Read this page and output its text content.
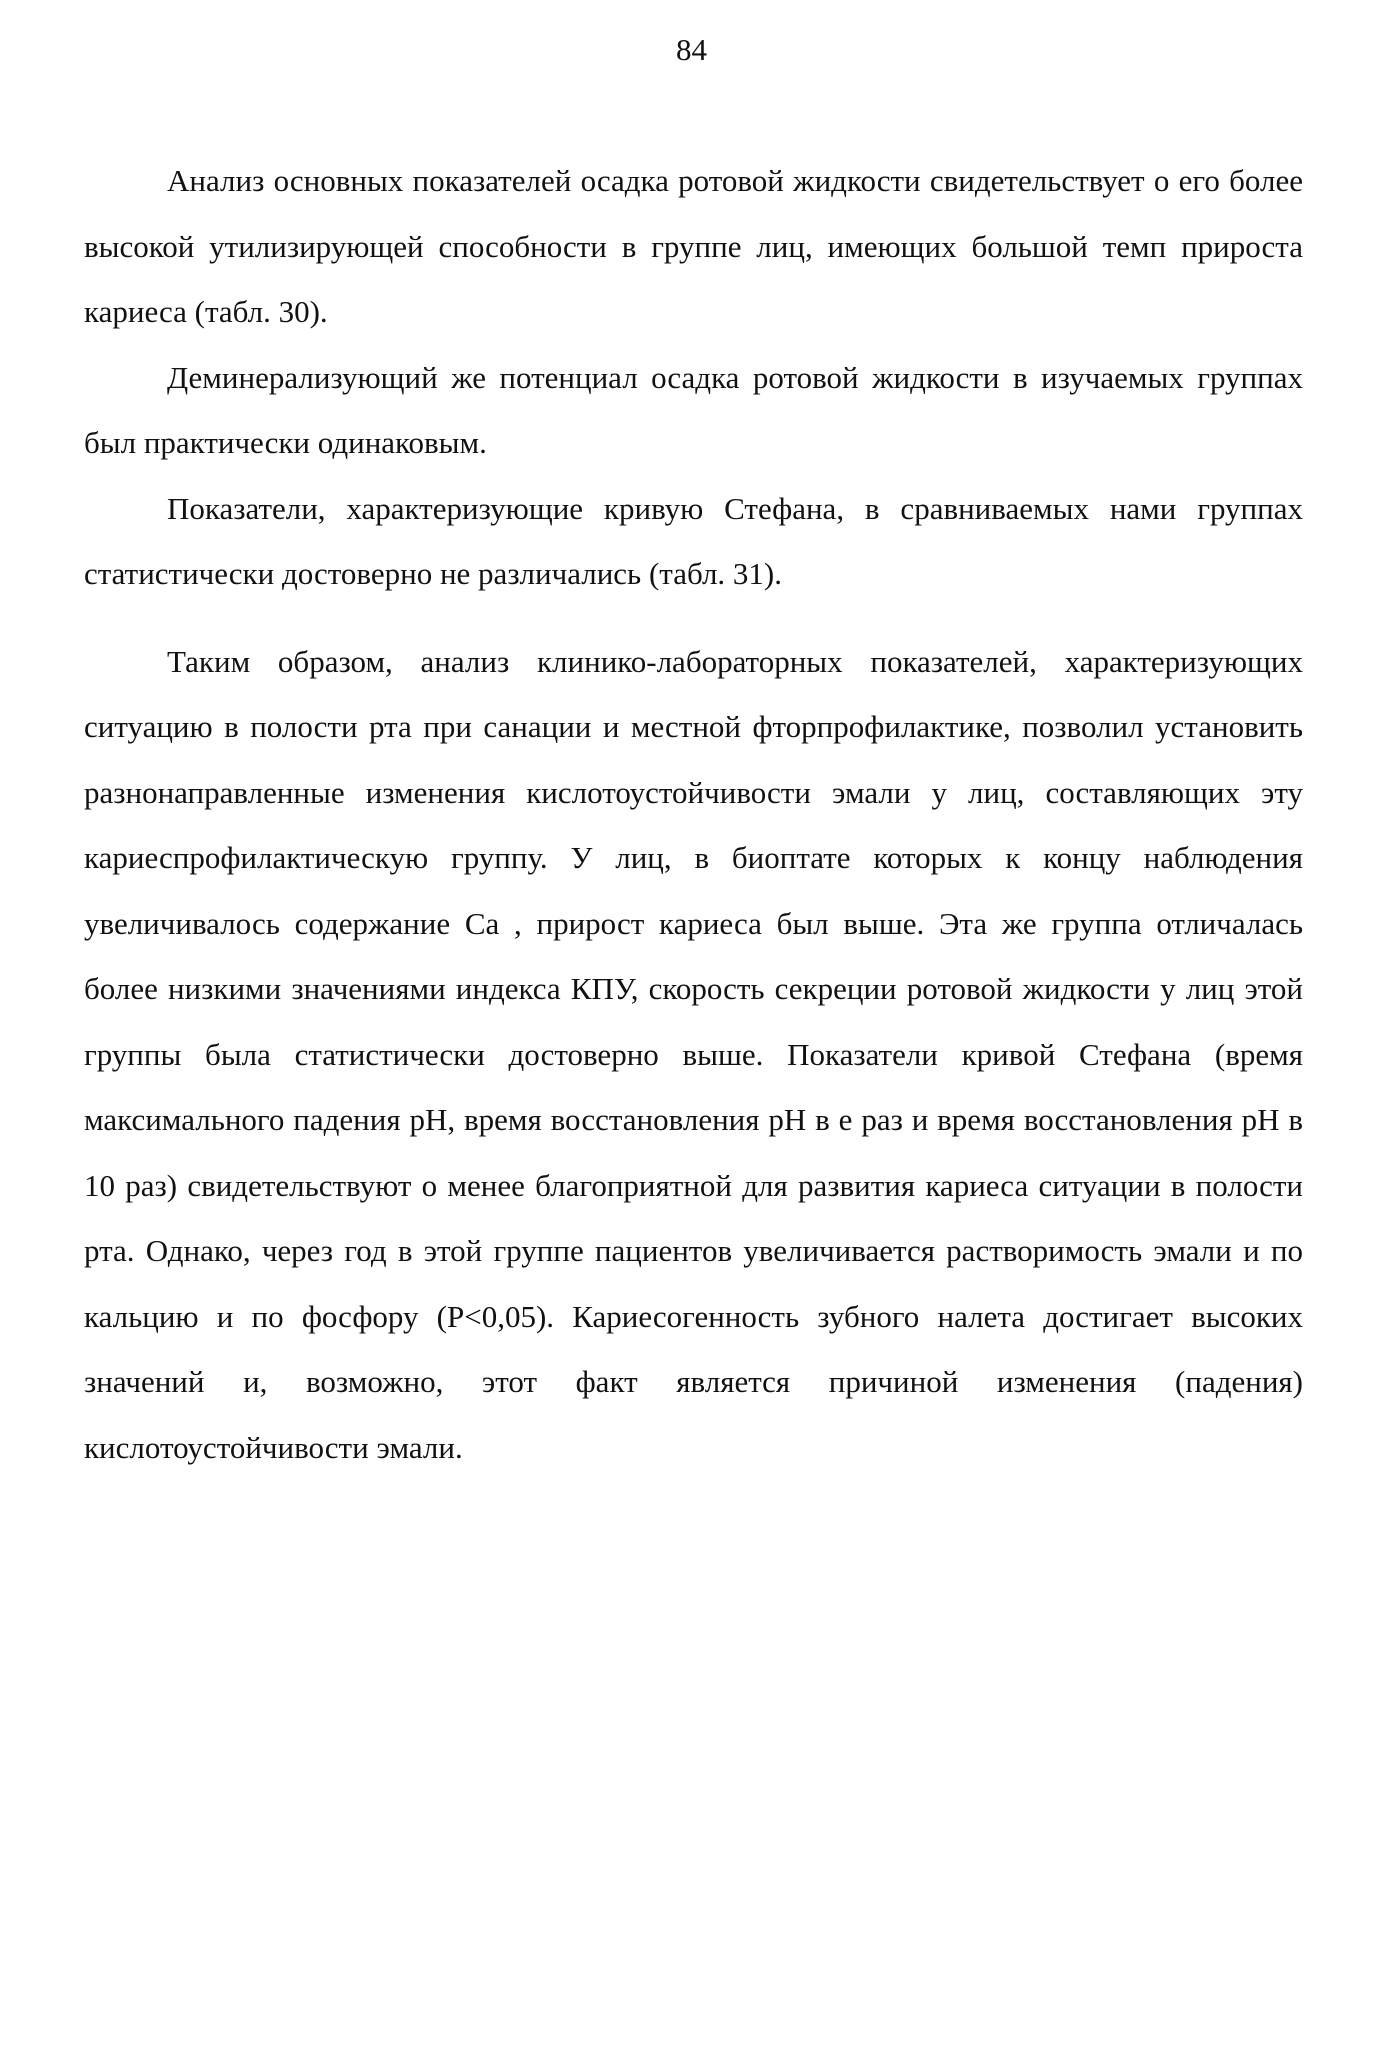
84

Анализ основных показателей осадка ротовой жидкости свидетельствует о его более высокой утилизирующей способности в группе лиц, имеющих большой темп прироста кариеса (табл. 30).

Деминерализующий же потенциал осадка ротовой жидкости в изучаемых группах был практически одинаковым.

Показатели, характеризующие кривую Стефана, в сравниваемых нами группах статистически достоверно не различались (табл. 31).

Таким образом, анализ клинико-лабораторных показателей, характеризующих ситуацию в полости рта при санации и местной фторпрофилактике, позволил установить разнонаправленные изменения кислотоустойчивости эмали у лиц, составляющих эту кариеспрофилактическую группу. У лиц, в биоптате которых к концу наблюдения увеличивалось содержание Ca , прирост кариеса был выше. Эта же группа отличалась более низкими значениями индекса КПУ, скорость секреции ротовой жидкости у лиц этой группы была статистически достоверно выше. Показатели кривой Стефана (время максимального падения рН, время восстановления рН в e раз и время восстановления рН в 10 раз) свидетельствуют о менее благоприятной для развития кариеса ситуации в полости рта. Однако, через год в этой группе пациентов увеличивается растворимость эмали и по кальцию и по фосфору (Р<0,05). Кариесогенность зубного налета достигает высоких значений и, возможно, этот факт является причиной изменения (падения) кислотоустойчивости эмали.
